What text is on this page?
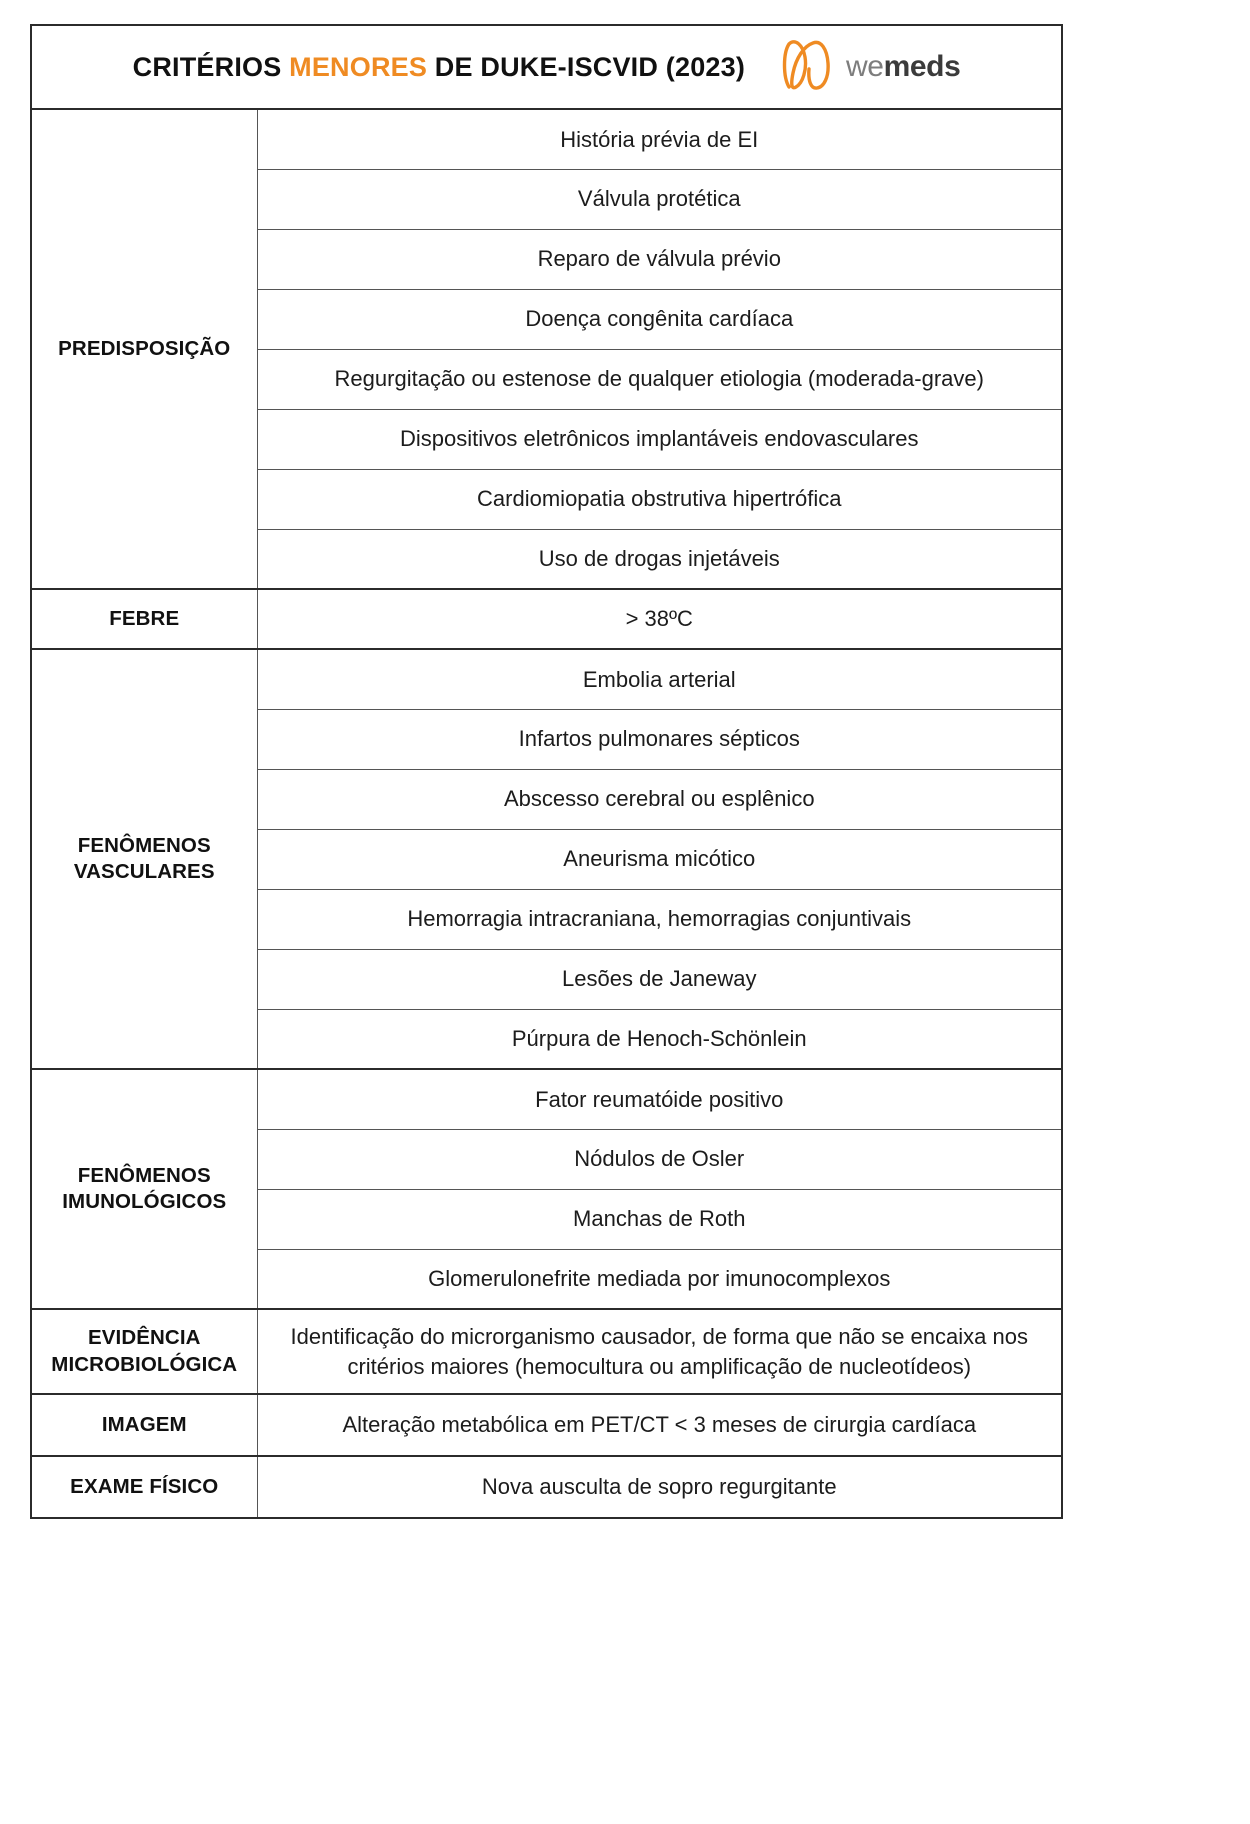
CRITÉRIOS MENORES DE DUKE-ISCVID (2023) wemeds	

PREDISPOSIÇÃO	História prévia de EI
	Válvula protética
	Reparo de válvula prévio
	Doença congênita cardíaca
	Regurgitação ou estenose de qualquer etiologia (moderada-grave)
	Dispositivos eletrônicos implantáveis endovasculares
	Cardiomiopatia obstrutiva hipertrófica
	Uso de drogas injetáveis
FEBRE	> 38ºC
FENÔMENOS
VASCULARES	Embolia arterial
	Infartos pulmonares sépticos
	Abscesso cerebral ou esplênico
	Aneurisma micótico
	Hemorragia intracraniana, hemorragias conjuntivais
	Lesões de Janeway
	Púrpura de Henoch-Schönlein
FENÔMENOS
IMUNOLÓGICOS	Fator reumatóide positivo
	Nódulos de Osler
	Manchas de Roth
	Glomerulonefrite mediada por imunocomplexos
EVIDÊNCIA
MICROBIOLÓGICA	Identificação do microrganismo causador, de forma que não se encaixa nos critérios maiores (hemocultura ou amplificação de nucleotídeos)
IMAGEM	Alteração metabólica em PET/CT < 3 meses de cirurgia cardíaca
EXAME FÍSICO	Nova ausculta de sopro regurgitante
